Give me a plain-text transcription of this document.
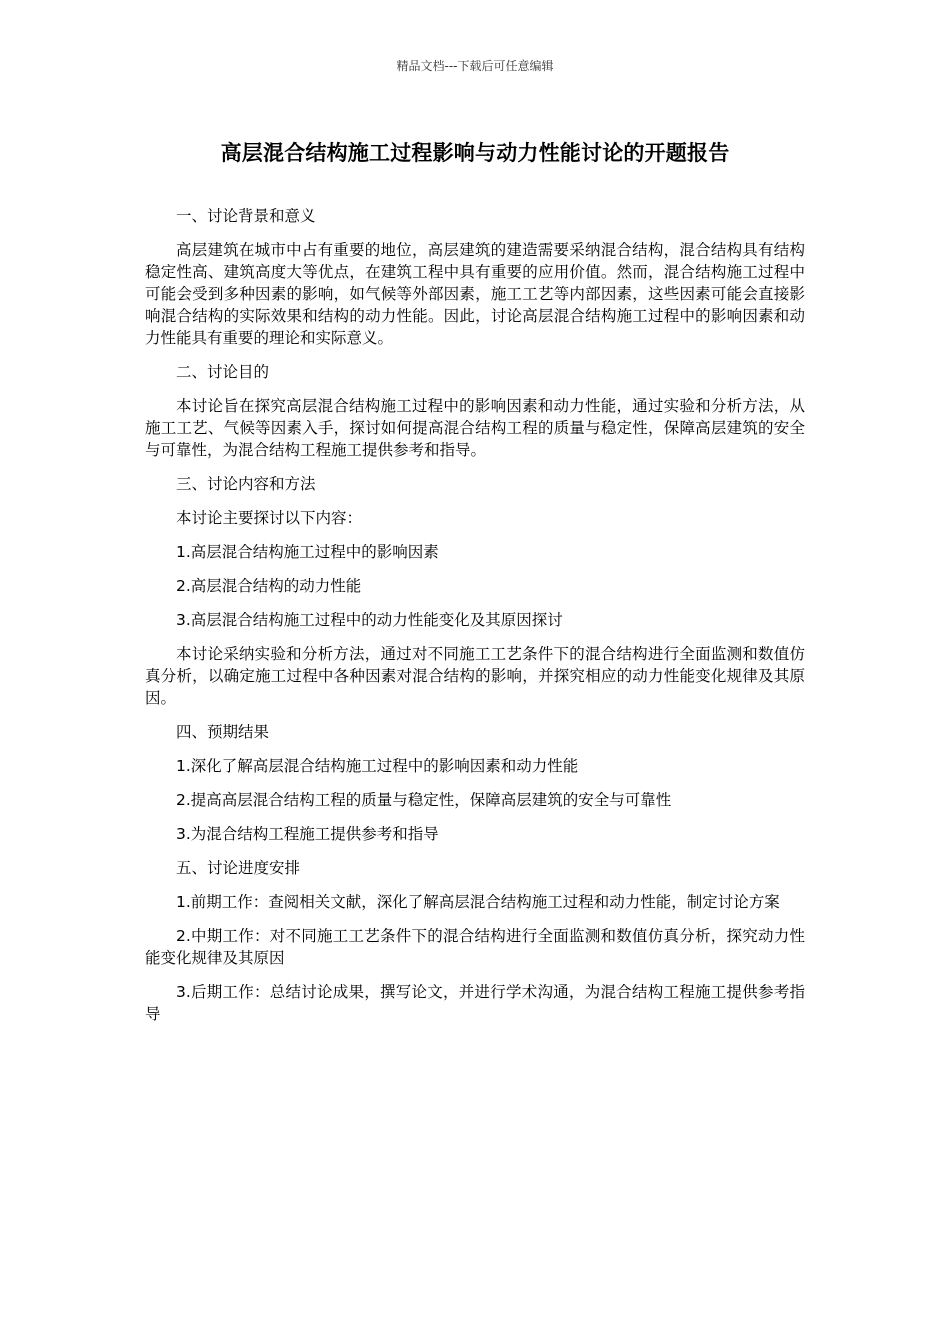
精品文档---下载后可任意编辑
高层混合结构施工过程影响与动力性能讨论的开题报告

一、讨论背景和意义

高层建筑在城市中占有重要的地位，高层建筑的建造需要采纳混合结构，混合结构具有结构稳定性高、建筑高度大等优点，在建筑工程中具有重要的应用价值。然而，混合结构施工过程中可能会受到多种因素的影响，如气候等外部因素，施工工艺等内部因素，这些因素可能会直接影响混合结构的实际效果和结构的动力性能。因此，讨论高层混合结构施工过程中的影响因素和动力性能具有重要的理论和实际意义。

二、讨论目的

本讨论旨在探究高层混合结构施工过程中的影响因素和动力性能，通过实验和分析方法，从施工工艺、气候等因素入手，探讨如何提高混合结构工程的质量与稳定性，保障高层建筑的安全与可靠性，为混合结构工程施工提供参考和指导。

三、讨论内容和方法

本讨论主要探讨以下内容：

1.高层混合结构施工过程中的影响因素

2.高层混合结构的动力性能

3.高层混合结构施工过程中的动力性能变化及其原因探讨

本讨论采纳实验和分析方法，通过对不同施工工艺条件下的混合结构进行全面监测和数值仿真分析，以确定施工过程中各种因素对混合结构的影响，并探究相应的动力性能变化规律及其原因。

四、预期结果

1.深化了解高层混合结构施工过程中的影响因素和动力性能

2.提高高层混合结构工程的质量与稳定性，保障高层建筑的安全与可靠性

3.为混合结构工程施工提供参考和指导

五、讨论进度安排

1.前期工作：查阅相关文献，深化了解高层混合结构施工过程和动力性能，制定讨论方案

2.中期工作：对不同施工工艺条件下的混合结构进行全面监测和数值仿真分析，探究动力性能变化规律及其原因

3.后期工作：总结讨论成果，撰写论文，并进行学术沟通，为混合结构工程施工提供参考指导
